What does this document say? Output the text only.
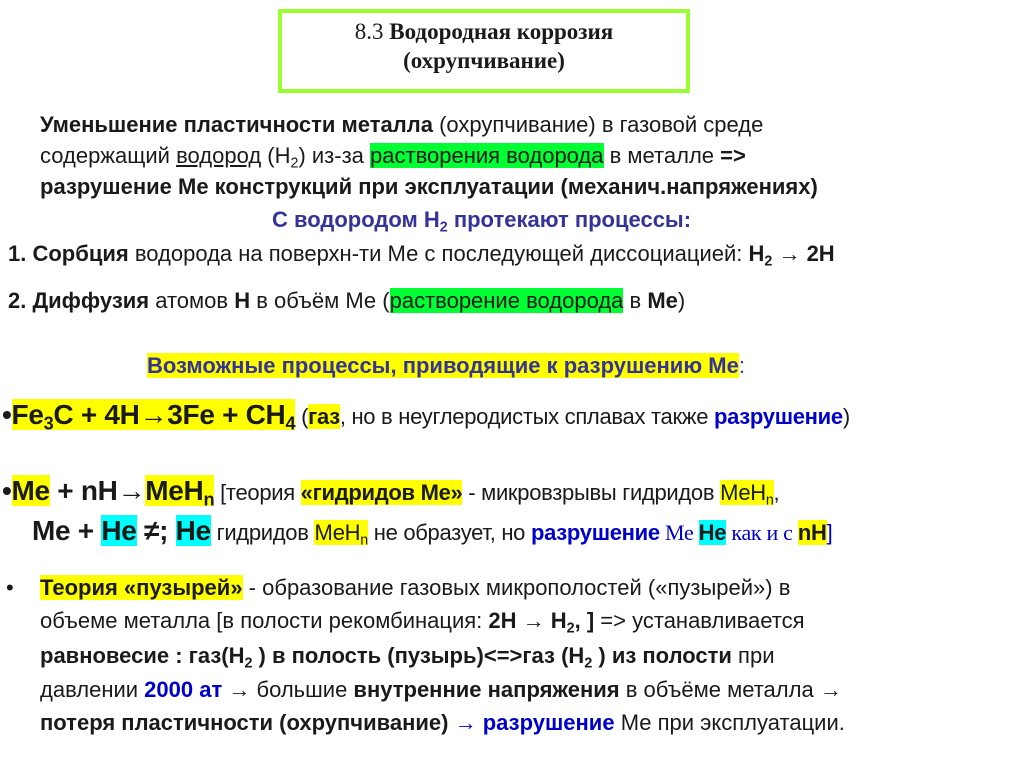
8.3 Водородная коррозия
(охрупчивание)
Уменьшение пластичности металла (охрупчивание) в газовой среде
содержащий водород $(Н_2)$ из-за растворения водорода в металле =>
разрушение Ме конструкций при эксплуатации (механич.напряжениях)
С водородом $Н_2$ протекают процессы:
1. Сорбция водорода на поверхн-ти Ме с последующей диссоциацией: $H_2 \to 2H$
2. Диффузия атомов Н в объём Ме (растворение водорода в Ме)
Возможные процессы, приводящие к разрушению Ме:
$•Fe_3C + 4H\to 3Fe + CH_4$ (газ, но в неуглеродистых сплавах также разрушение)
•Me + nH→MeH$_n$ [теория «гидридов Ме» - микровзрывы гидридов МеН$_n$,
Me + He ≠; Не гидридов МеН$_n$ не образует, но разрушение Ме Не как и с nH]
• Теория «пузырей» - образование газовых микрополостей («пузырей») в
объеме металла [в полости рекомбинация: $2H \to H_2$, ] => устанавливается
равновесие : $газ(Н_2$ ) в полость (пузырь)<=>газ ($Н_2$ ) из полости при
давлении 2000 ат → большие внутренние напряжения в объёме металла →
потеря пластичности (охрупчивание) → разрушение Ме при эксплуатации.
